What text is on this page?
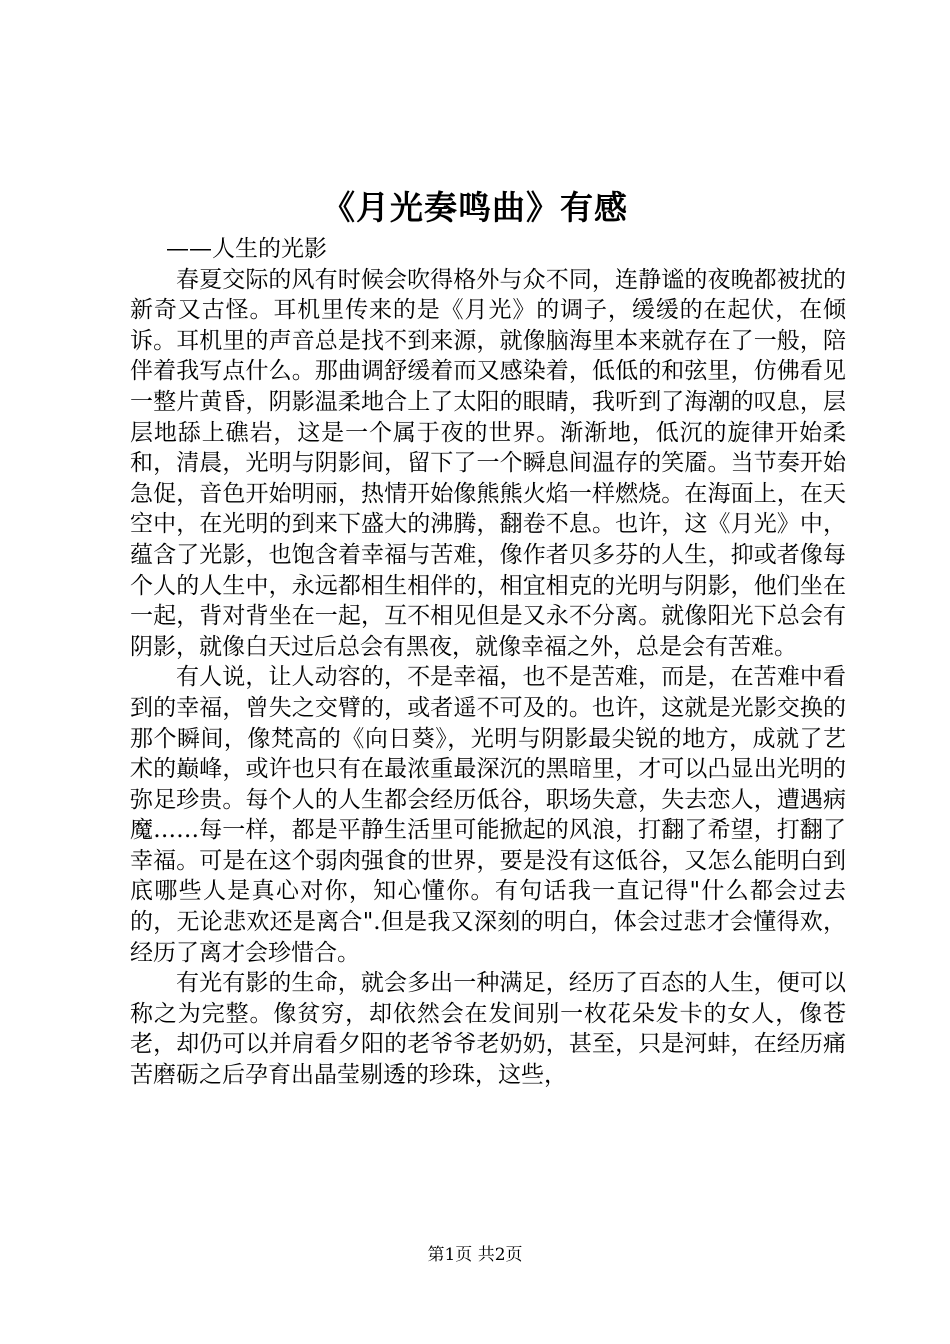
《月光奏鸣曲》有感
——人生的光影

春夏交际的风有时候会吹得格外与众不同，连静谧的夜晚都被扰的新奇又古怪。耳机里传来的是《月光》的调子，缓缓的在起伏，在倾诉。耳机里的声音总是找不到来源，就像脑海里本来就存在了一般，陪伴着我写点什么。那曲调舒缓着而又感染着，低低的和弦里，仿佛看见一整片黄昏，阴影温柔地合上了太阳的眼睛，我听到了海潮的叹息，层层地舔上礁岩，这是一个属于夜的世界。渐渐地，低沉的旋律开始柔和，清晨，光明与阴影间，留下了一个瞬息间温存的笑靥。当节奏开始急促，音色开始明丽，热情开始像熊熊火焰一样燃烧。在海面上，在天空中，在光明的到来下盛大的沸腾，翻卷不息。也许，这《月光》中，蕴含了光影，也饱含着幸福与苦难，像作者贝多芬的人生，抑或者像每个人的人生中，永远都相生相伴的，相宜相克的光明与阴影，他们坐在一起，背对背坐在一起，互不相见但是又永不分离。就像阳光下总会有阴影，就像白天过后总会有黑夜，就像幸福之外，总是会有苦难。

有人说，让人动容的，不是幸福，也不是苦难，而是，在苦难中看到的幸福，曾失之交臂的，或者遥不可及的。也许，这就是光影交换的那个瞬间，像梵高的《向日葵》，光明与阴影最尖锐的地方，成就了艺术的巅峰，或许也只有在最浓重最深沉的黑暗里，才可以凸显出光明的弥足珍贵。每个人的人生都会经历低谷，职场失意，失去恋人，遭遇病魔……每一样，都是平静生活里可能掀起的风浪，打翻了希望，打翻了幸福。可是在这个弱肉强食的世界，要是没有这低谷，又怎么能明白到底哪些人是真心对你，知心懂你。有句话我一直记得"什么都会过去的，无论悲欢还是离合".但是我又深刻的明白，体会过悲才会懂得欢，经历了离才会珍惜合。

有光有影的生命，就会多出一种满足，经历了百态的人生，便可以称之为完整。像贫穷，却依然会在发间别一枚花朵发卡的女人，像苍老，却仍可以并肩看夕阳的老爷爷老奶奶，甚至，只是河蚌，在经历痛苦磨砺之后孕育出晶莹剔透的珍珠，这些，

第1页 共2页
